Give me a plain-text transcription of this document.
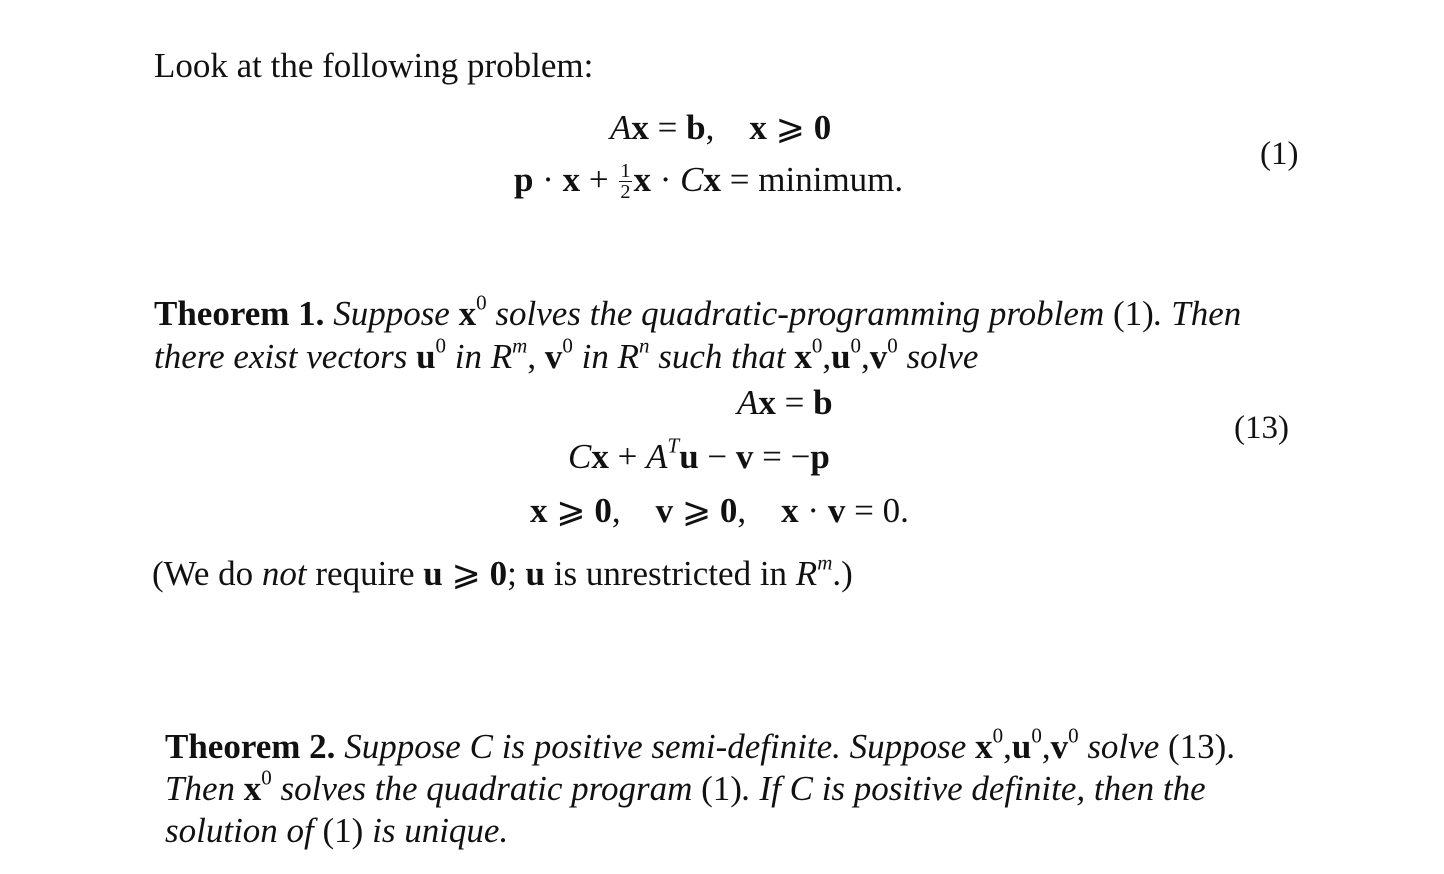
Look at the following problem:
Ax = b, x ⩾ 0
$p \cdot x + \frac{1}{2}$ x · Cx = minimum.
(1)
Theorem 1. Suppose $x^0$ solves the quadratic-programming problem (1). Then
there exist vectors $u^0$ in $R^m$, $v^0$ in $R^n$ such that $x^0,u^0,v^0$ solve
Ax = b
$Cx + A^Tu - v = -p$
x ⩾ 0, v ⩾ 0, x · v = 0.
(13)
(We do not require u ⩾ 0; u is unrestricted in $R^m$.)
Theorem 2. Suppose C is positive semi-definite. Suppose $x^0,u^0,v^0$ solve (13).
Then $x^0$ solves the quadratic program (1). If C is positive definite, then the
solution of (1) is unique.
